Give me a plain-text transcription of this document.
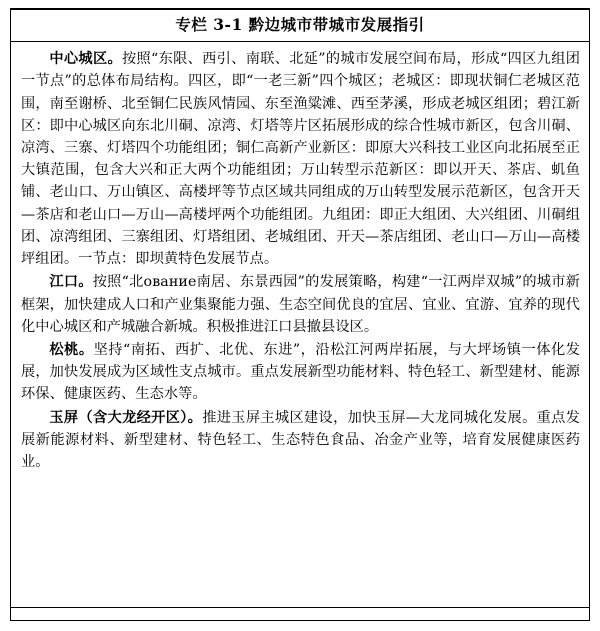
专栏 3-1 黔边城市带城市发展指引

中心城区。按照“东限、西引、南联、北延”的城市发展空间布局，形成“四区九组团一节点”的总体布局结构。四区，即“一老三新”四个城区；老城区：即现状铜仁老城区范围，南至谢桥、北至铜仁民族风情园、东至渔粱滩、西至茅溪，形成老城区组团；碧江新区：即中心城区向东北川硐、凉湾、灯塔等片区拓展形成的综合性城市新区，包含川硐、凉湾、三寨、灯塔四个功能组团；铜仁高新产业新区：即原大兴科技工业区向北拓展至正大镇范围，包含大兴和正大两个功能组团；万山转型示范新区：即以开天、茶店、虮鱼铺、老山口、万山镇区、高楼坪等节点区域共同组成的万山转型发展示范新区，包含开天—茶店和老山口—万山—高楼坪两个功能组团。九组团：即正大组团、大兴组团、川硐组团、凉湾组团、三寨组团、灯塔组团、老城组团、开天—茶店组团、老山口—万山—高楼坪组团。一节点：即坝黄特色发展节点。

江口。按照“北ование南居、东景西园”的发展策略，构建“一江两岸双城”的城市新框架，加快建成人口和产业集聚能力强、生态空间优良的宜居、宜业、宜游、宜养的现代化中心城区和产城融合新城。积极推进江口县撤县设区。

松桃。坚持“南拓、西扩、北优、东进”，沿松江河两岸拓展，与大坪场镇一体化发展，加快发展成为区域性支点城市。重点发展新型功能材料、特色轻工、新型建材、能源环保、健康医药、生态水等。

玉屏（含大龙经开区）。推进玉屏主城区建设，加快玉屏—大龙同城化发展。重点发展新能源材料、新型建材、特色轻工、生态特色食品、冶金产业等，培育发展健康医药业。
